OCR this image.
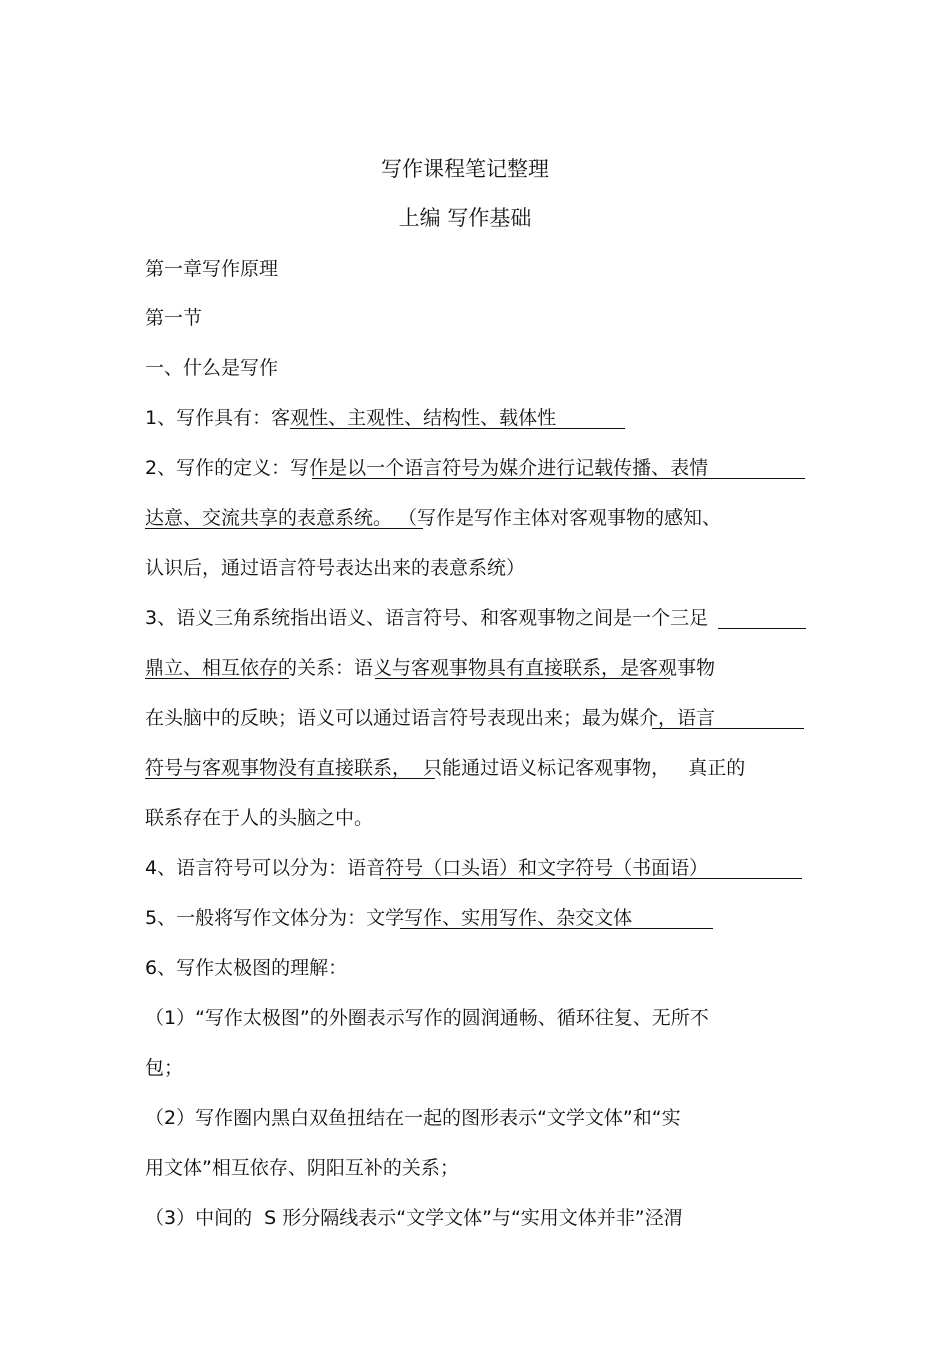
写作课程笔记整理
上编 写作基础
第一章写作原理
第一节
一、什么是写作
1、写作具有：客观性、主观性、结构性、载体性
2、写作的定义：写作是以一个语言符号为媒介进行记载传播、表情
达意、交流共享的表意系统。 （写作是写作主体对客观事物的感知、
认识后，通过语言符号表达出来的表意系统）
3、语义三角系统指出语义、语言符号、和客观事物之间是一个三足
鼎立、相互依存的关系：语义与客观事物具有直接联系，是客观事物
在头脑中的反映；语义可以通过语言符号表现出来；最为媒介，语言
符号与客观事物没有直接联系，  只能通过语义标记客观事物，   真正的
联系存在于人的头脑之中。
4、语言符号可以分为：语音符号（口头语）和文字符号（书面语）
5、一般将写作文体分为：文学写作、实用写作、杂交文体
6、写作太极图的理解：
（1）“写作太极图”的外圈表示写作的圆润通畅、循环往复、无所不
包；
（2）写作圈内黑白双鱼扭结在一起的图形表示“文学文体”和“实
用文体”相互依存、阴阳互补的关系；
（3）中间的  S 形分隔线表示“文学文体”与“实用文体并非”泾渭
